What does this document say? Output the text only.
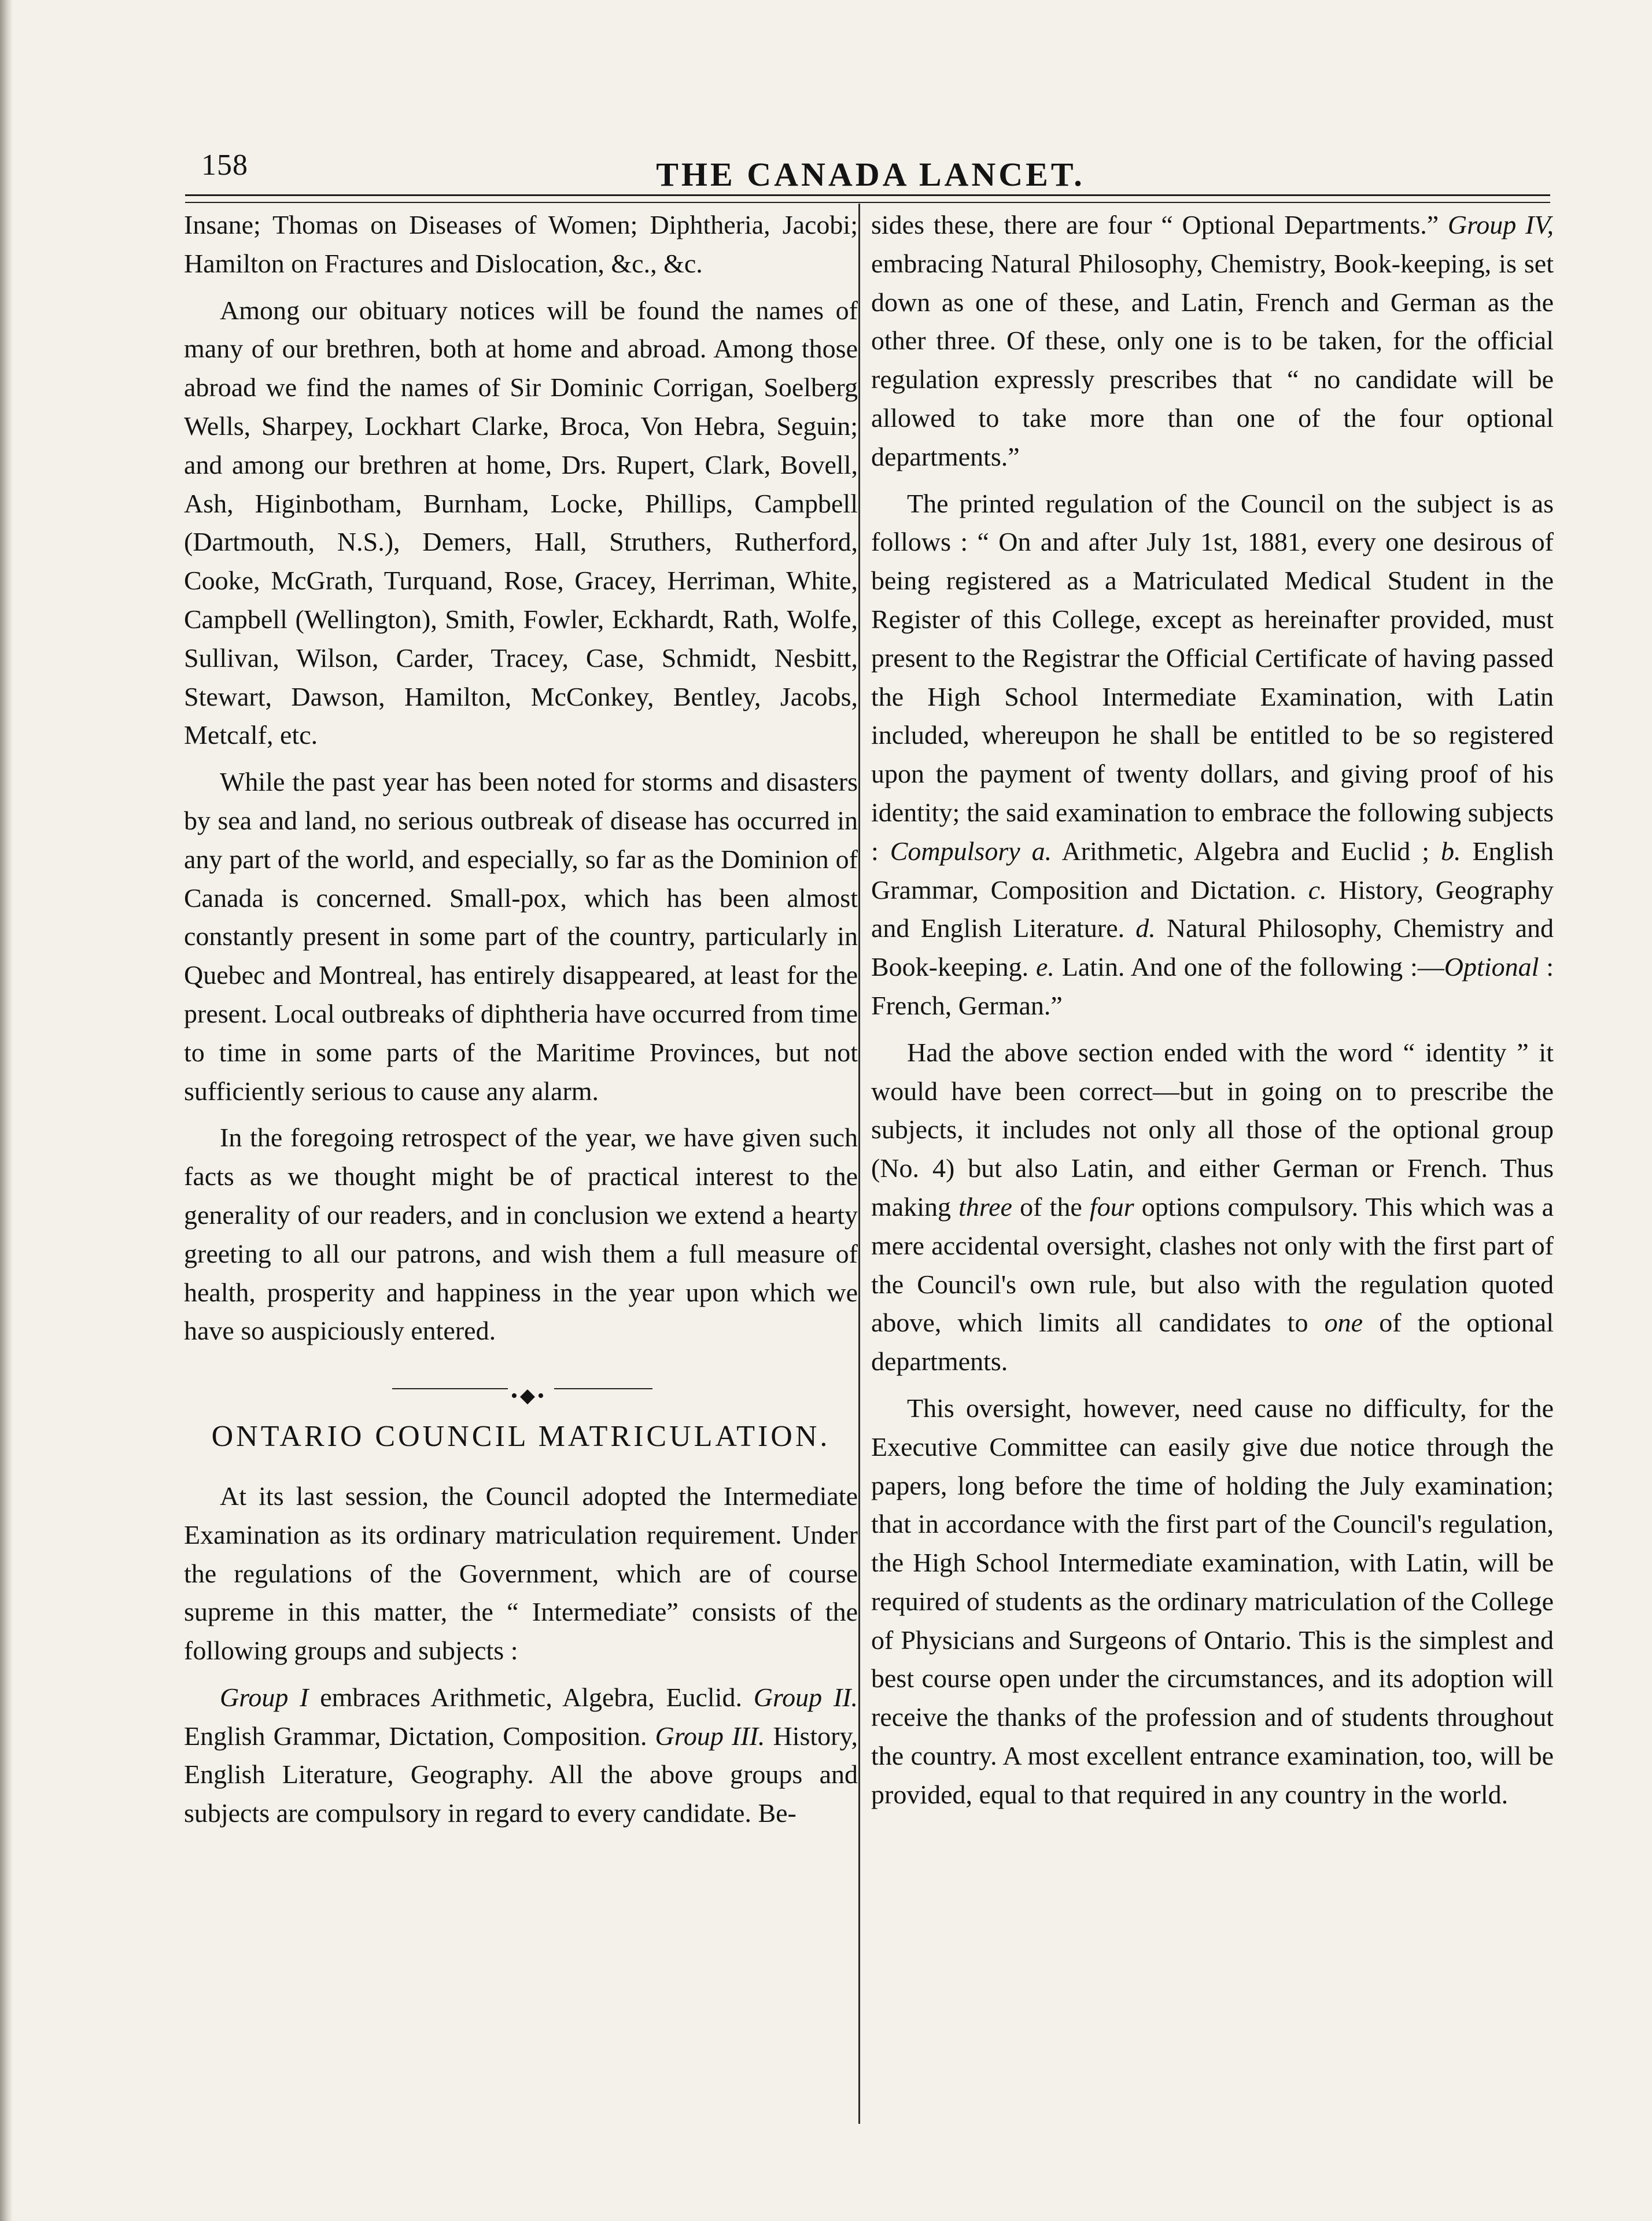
158	THE CANADA LANCET.

Insane; Thomas on Diseases of Women; Diphtheria, Jacobi; Hamilton on Fractures and Dislocation, &c., &c.

Among our obituary notices will be found the names of many of our brethren, both at home and abroad. Among those abroad we find the names of Sir Dominic Corrigan, Soelberg Wells, Sharpey, Lockhart Clarke, Broca, Von Hebra, Seguin; and among our brethren at home, Drs. Rupert, Clark, Bovell, Ash, Higinbotham, Burnham, Locke, Phillips, Campbell (Dartmouth, N.S.), Demers, Hall, Struthers, Rutherford, Cooke, McGrath, Turquand, Rose, Gracey, Herriman, White, Campbell (Wellington), Smith, Fowler, Eckhardt, Rath, Wolfe, Sullivan, Wilson, Carder, Tracey, Case, Schmidt, Nesbitt, Stewart, Dawson, Hamilton, McConkey, Bentley, Jacobs, Metcalf, etc.

While the past year has been noted for storms and disasters by sea and land, no serious outbreak of disease has occurred in any part of the world, and especially, so far as the Dominion of Canada is concerned. Small-pox, which has been almost constantly present in some part of the country, particularly in Quebec and Montreal, has entirely disappeared, at least for the present. Local outbreaks of diphtheria have occurred from time to time in some parts of the Maritime Provinces, but not sufficiently serious to cause any alarm.

In the foregoing retrospect of the year, we have given such facts as we thought might be of practical interest to the generality of our readers, and in conclusion we extend a hearty greeting to all our patrons, and wish them a full measure of health, prosperity and happiness in the year upon which we have so auspiciously entered.

•◆•
ONTARIO COUNCIL MATRICULATION.

At its last session, the Council adopted the Intermediate Examination as its ordinary matriculation requirement. Under the regulations of the Government, which are of course supreme in this matter, the “ Intermediate” consists of the following groups and subjects :

Group I embraces Arithmetic, Algebra, Euclid. Group II. English Grammar, Dictation, Composition. Group III. History, English Literature, Geography. All the above groups and subjects are compulsory in regard to every candidate. Be-

sides these, there are four “ Optional Departments.” Group IV, embracing Natural Philosophy, Chemistry, Book-keeping, is set down as one of these, and Latin, French and German as the other three. Of these, only one is to be taken, for the official regulation expressly prescribes that “ no candidate will be allowed to take more than one of the four optional departments.”

The printed regulation of the Council on the subject is as follows : “ On and after July 1st, 1881, every one desirous of being registered as a Matriculated Medical Student in the Register of this College, except as hereinafter provided, must present to the Registrar the Official Certificate of having passed the High School Intermediate Examination, with Latin included, whereupon he shall be entitled to be so registered upon the payment of twenty dollars, and giving proof of his identity; the said examination to embrace the following subjects : Compulsory a. Arithmetic, Algebra and Euclid ; b. English Grammar, Composition and Dictation. c. History, Geography and English Literature. d. Natural Philosophy, Chemistry and Book-keeping. e. Latin. And one of the following :—Optional : French, German.”

Had the above section ended with the word “ identity ” it would have been correct—but in going on to prescribe the subjects, it includes not only all those of the optional group (No. 4) but also Latin, and either German or French. Thus making three of the four options compulsory. This which was a mere accidental oversight, clashes not only with the first part of the Council's own rule, but also with the regulation quoted above, which limits all candidates to one of the optional departments.

This oversight, however, need cause no difficulty, for the Executive Committee can easily give due notice through the papers, long before the time of holding the July examination; that in accordance with the first part of the Council's regulation, the High School Intermediate examination, with Latin, will be required of students as the ordinary matriculation of the College of Physicians and Surgeons of Ontario. This is the simplest and best course open under the circumstances, and its adoption will receive the thanks of the profession and of students throughout the country. A most excellent entrance examination, too, will be provided, equal to that required in any country in the world.
